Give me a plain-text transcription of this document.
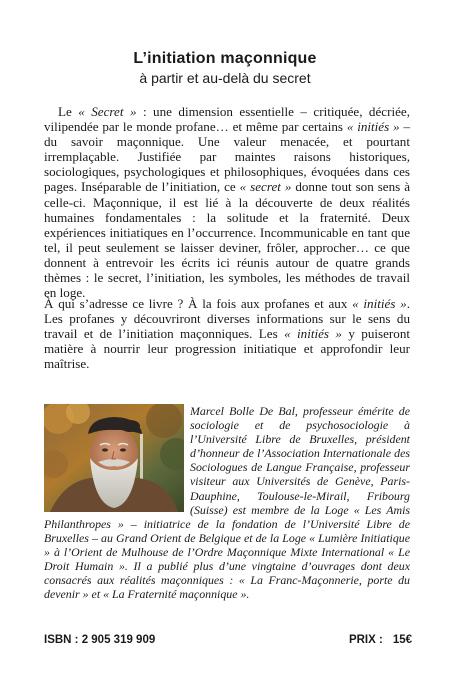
L’initiation maçonnique
à partir et au-delà du secret
Le « Secret » : une dimension essentielle – critiquée, décriée, vilipendée par le monde profane… et même par certains « initiés » – du savoir maçonnique. Une valeur menacée, et pourtant irremplaçable. Justifiée par maintes raisons historiques, sociologiques, psychologiques et philosophiques, évoquées dans ces pages. Inséparable de l’initiation, ce « secret » donne tout son sens à celle-ci. Maçonnique, il est lié à la découverte de deux réalités humaines fondamentales : la solitude et la fraternité. Deux expériences initiatiques en l’occurrence. Incommunicable en tant que tel, il peut seulement se laisser deviner, frôler, approcher… ce que donnent à entrevoir les écrits ici réunis autour de quatre grands thèmes : le secret, l’initiation, les symboles, les méthodes de travail en loge.
À qui s’adresse ce livre ? À la fois aux profanes et aux « initiés ». Les profanes y découvriront diverses informations sur le sens du travail et de l’initiation maçonniques. Les « initiés » y puiseront matière à nourrir leur progression initiatique et approfondir leur maîtrise.
Marcel Bolle De Bal, professeur émérite de sociologie et de psychosociologie à l’Université Libre de Bruxelles, président d’honneur de l’Association Internationale des Sociologues de Langue Française, professeur visiteur aux Universités de Genève, Paris-Dauphine, Toulouse-le-Mirail, Fribourg (Suisse) est membre de la Loge « Les Amis Philanthropes » – initiatrice de la fondation de l’Université Libre de Bruxelles – au Grand Orient de Belgique et de la Loge « Lumière Initiatique » à l’Orient de Mulhouse de l’Ordre Maçonnique Mixte International « Le Droit Humain ». Il a publié plus d’une vingtaine d’ouvrages dont deux consacrés aux réalités maçonniques : « La Franc-Maçonnerie, porte du devenir » et « La Fraternité maçonnique ».
ISBN : 2 905 319 909	PRIX : 15€
